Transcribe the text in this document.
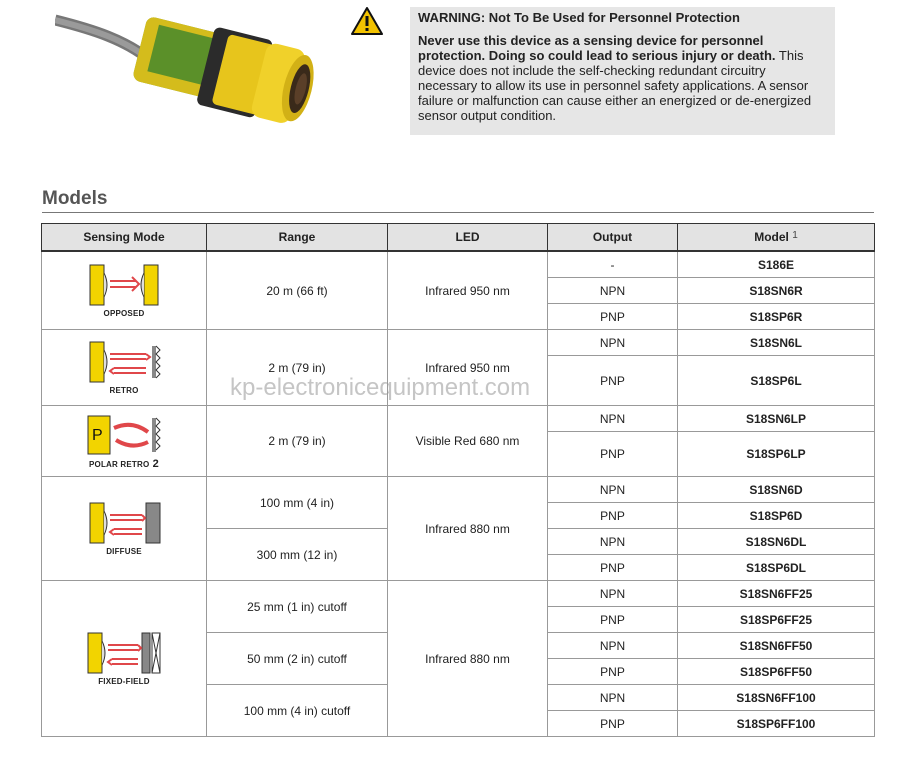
WARNING: Not To Be Used for Personnel Protection

Never use this device as a sensing device for personnel protection. Doing so could lead to serious injury or death. This device does not include the self-checking redundant circuitry necessary to allow its use in personnel safety applications. A sensor failure or malfunction can cause either an energized or de-energized sensor output condition.

Models
Sensing Mode	Range	LED	Output	Model $^1$

OPPOSED	20 m (66 ft)	Infrared 950 nm	-	S186E
			NPN	S18SN6R
			PNP	S18SP6R

RETRO	2 m (79 in)	Infrared 950 nm	NPN	S18SN6L
			PNP	S18SP6L

P
POLAR RETRO 2	2 m (79 in)	Visible Red 680 nm	NPN	S18SN6LP
			PNP	S18SP6LP

DIFFUSE	100 mm (4 in)	Infrared 880 nm	NPN	S18SN6D
			PNP	S18SP6D
	300 mm (12 in)		NPN	S18SN6DL
			PNP	S18SP6DL

FIXED-FIELD	25 mm (1 in) cutoff	Infrared 880 nm	NPN	S18SN6FF25
			PNP	S18SP6FF25
	50 mm (2 in) cutoff		NPN	S18SN6FF50
			PNP	S18SP6FF50
	100 mm (4 in) cutoff		NPN	S18SN6FF100
			PNP	S18SP6FF100
kp-electronicequipment.com
